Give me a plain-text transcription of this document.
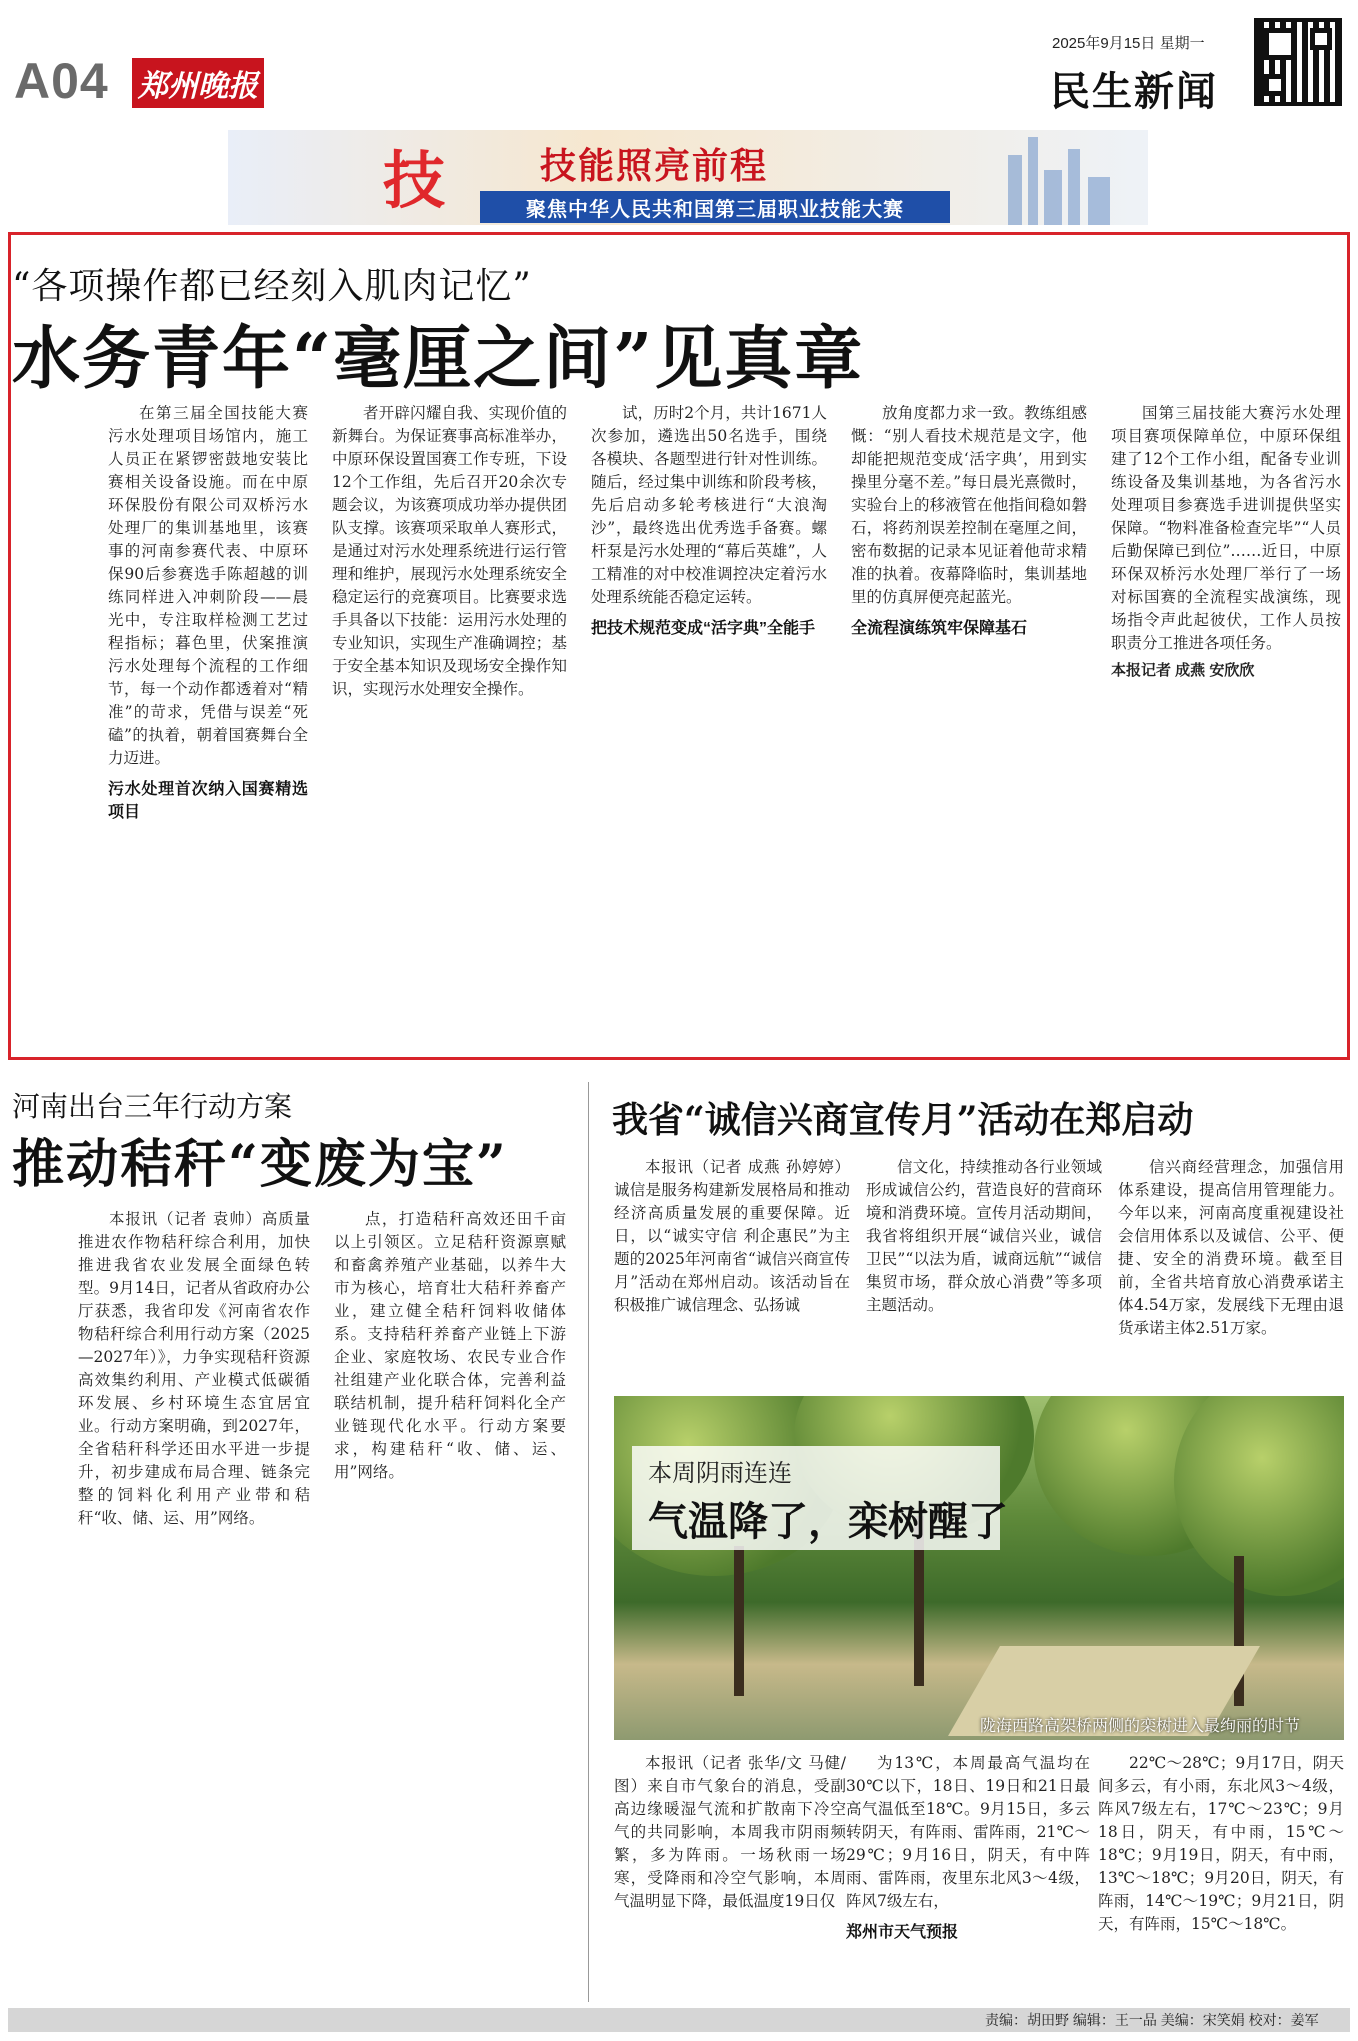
A04 郑州晚报
2025年9月15日 星期一
民生新闻
技	技能照亮前程
聚焦中华人民共和国第三届职业技能大赛
“各项操作都已经刻入肌肉记忆”
水务青年“毫厘之间”见真章

在第三届全国技能大赛污水处理项目场馆内，施工人员正在紧锣密鼓地安装比赛相关设备设施。而在中原环保股份有限公司双桥污水处理厂的集训基地里，该赛事的河南参赛代表、中原环保90后参赛选手陈超越的训练同样进入冲刺阶段——晨光中，专注取样检测工艺过程指标；暮色里，伏案推演污水处理每个流程的工作细节，每一个动作都透着对“精准”的苛求，凭借与误差“死磕”的执着，朝着国赛舞台全力迈进。

污水处理首次纳入国赛精选项目

者开辟闪耀自我、实现价值的新舞台。为保证赛事高标准举办，中原环保设置国赛工作专班，下设12个工作组，先后召开20余次专题会议，为该赛项成功举办提供团队支撑。该赛项采取单人赛形式，是通过对污水处理系统进行运行管理和维护，展现污水处理系统安全稳定运行的竞赛项目。比赛要求选手具备以下技能：运用污水处理的专业知识，实现生产准确调控；基于安全基本知识及现场安全操作知识，实现污水处理安全操作。

试，历时2个月，共计1671人次参加，遴选出50名选手，围绕各模块、各题型进行针对性训练。随后，经过集中训练和阶段考核，先后启动多轮考核进行“大浪淘沙”，最终选出优秀选手备赛。螺杆泵是污水处理的“幕后英雄”，人工精准的对中校准调控决定着污水处理系统能否稳定运转。

把技术规范变成“活字典”全能手

放角度都力求一致。教练组感慨：“别人看技术规范是文字，他却能把规范变成‘活字典’，用到实操里分毫不差。”每日晨光熹微时，实验台上的移液管在他指间稳如磐石，将药剂误差控制在毫厘之间，密布数据的记录本见证着他苛求精准的执着。夜幕降临时，集训基地里的仿真屏便亮起蓝光。

全流程演练筑牢保障基石

国第三届技能大赛污水处理项目赛项保障单位，中原环保组建了12个工作小组，配备专业训练设备及集训基地，为各省污水处理项目参赛选手进训提供坚实保障。“物料准备检查完毕”“人员后勤保障已到位”……近日，中原环保双桥污水处理厂举行了一场对标国赛的全流程实战演练，现场指令声此起彼伏，工作人员按职责分工推进各项任务。

本报记者 成燕 安欣欣
河南出台三年行动方案
推动秸秆“变废为宝”

本报讯（记者 袁帅）高质量推进农作物秸秆综合利用，加快推进我省农业发展全面绿色转型。9月14日，记者从省政府办公厅获悉，我省印发《河南省农作物秸秆综合利用行动方案（2025—2027年）》，力争实现秸秆资源高效集约利用、产业模式低碳循环发展、乡村环境生态宜居宜业。行动方案明确，到2027年，全省秸秆科学还田水平进一步提升，初步建成布局合理、链条完整的饲料化利用产业带和秸秆“收、储、运、用”网络。

点，打造秸秆高效还田千亩以上引领区。立足秸秆资源禀赋和畜禽养殖产业基础，以养牛大市为核心，培育壮大秸秆养畜产业，建立健全秸秆饲料收储体系。支持秸秆养畜产业链上下游企业、家庭牧场、农民专业合作社组建产业化联合体，完善利益联结机制，提升秸秆饲料化全产业链现代化水平。行动方案要求，构建秸秆“收、储、运、用”网络。

我省“诚信兴商宣传月”活动在郑启动

本报讯（记者 成燕 孙婷婷）诚信是服务构建新发展格局和推动经济高质量发展的重要保障。近日，以“诚实守信 利企惠民”为主题的2025年河南省“诚信兴商宣传月”活动在郑州启动。该活动旨在积极推广诚信理念、弘扬诚

信文化，持续推动各行业领域形成诚信公约，营造良好的营商环境和消费环境。宣传月活动期间，我省将组织开展“诚信兴业，诚信卫民”“以法为盾，诚商远航”“诚信集贸市场，群众放心消费”等多项主题活动。

信兴商经营理念，加强信用体系建设，提高信用管理能力。今年以来，河南高度重视建设社会信用体系以及诚信、公平、便捷、安全的消费环境。截至目前，全省共培育放心消费承诺主体4.54万家，发展线下无理由退货承诺主体2.51万家。

本周阴雨连连
气温降了，栾树醒了
陇海西路高架桥两侧的栾树进入最绚丽的时节

本报讯（记者 张华/文 马健/图）来自市气象台的消息，受副高边缘暖湿气流和扩散南下冷空气的共同影响，本周我市阴雨频繁，多为阵雨。一场秋雨一场寒，受降雨和冷空气影响，本周气温明显下降，最低温度19日仅

为13℃，本周最高气温均在30℃以下，18日、19日和21日最高气温低至18℃。9月15日，多云转阴天，有阵雨、雷阵雨，21℃～29℃；9月16日，阴天，有中阵雨、雷阵雨，夜里东北风3～4级，阵风7级左右，

郑州市天气预报

22℃～28℃；9月17日，阴天间多云，有小雨，东北风3～4级，阵风7级左右，17℃～23℃；9月18日，阴天，有中雨，15℃～18℃；9月19日，阴天，有中雨，13℃～18℃；9月20日，阴天，有阵雨，14℃～19℃；9月21日，阴天，有阵雨，15℃～18℃。

责编：胡田野 编辑：王一品 美编：宋笑娟 校对：姜军
